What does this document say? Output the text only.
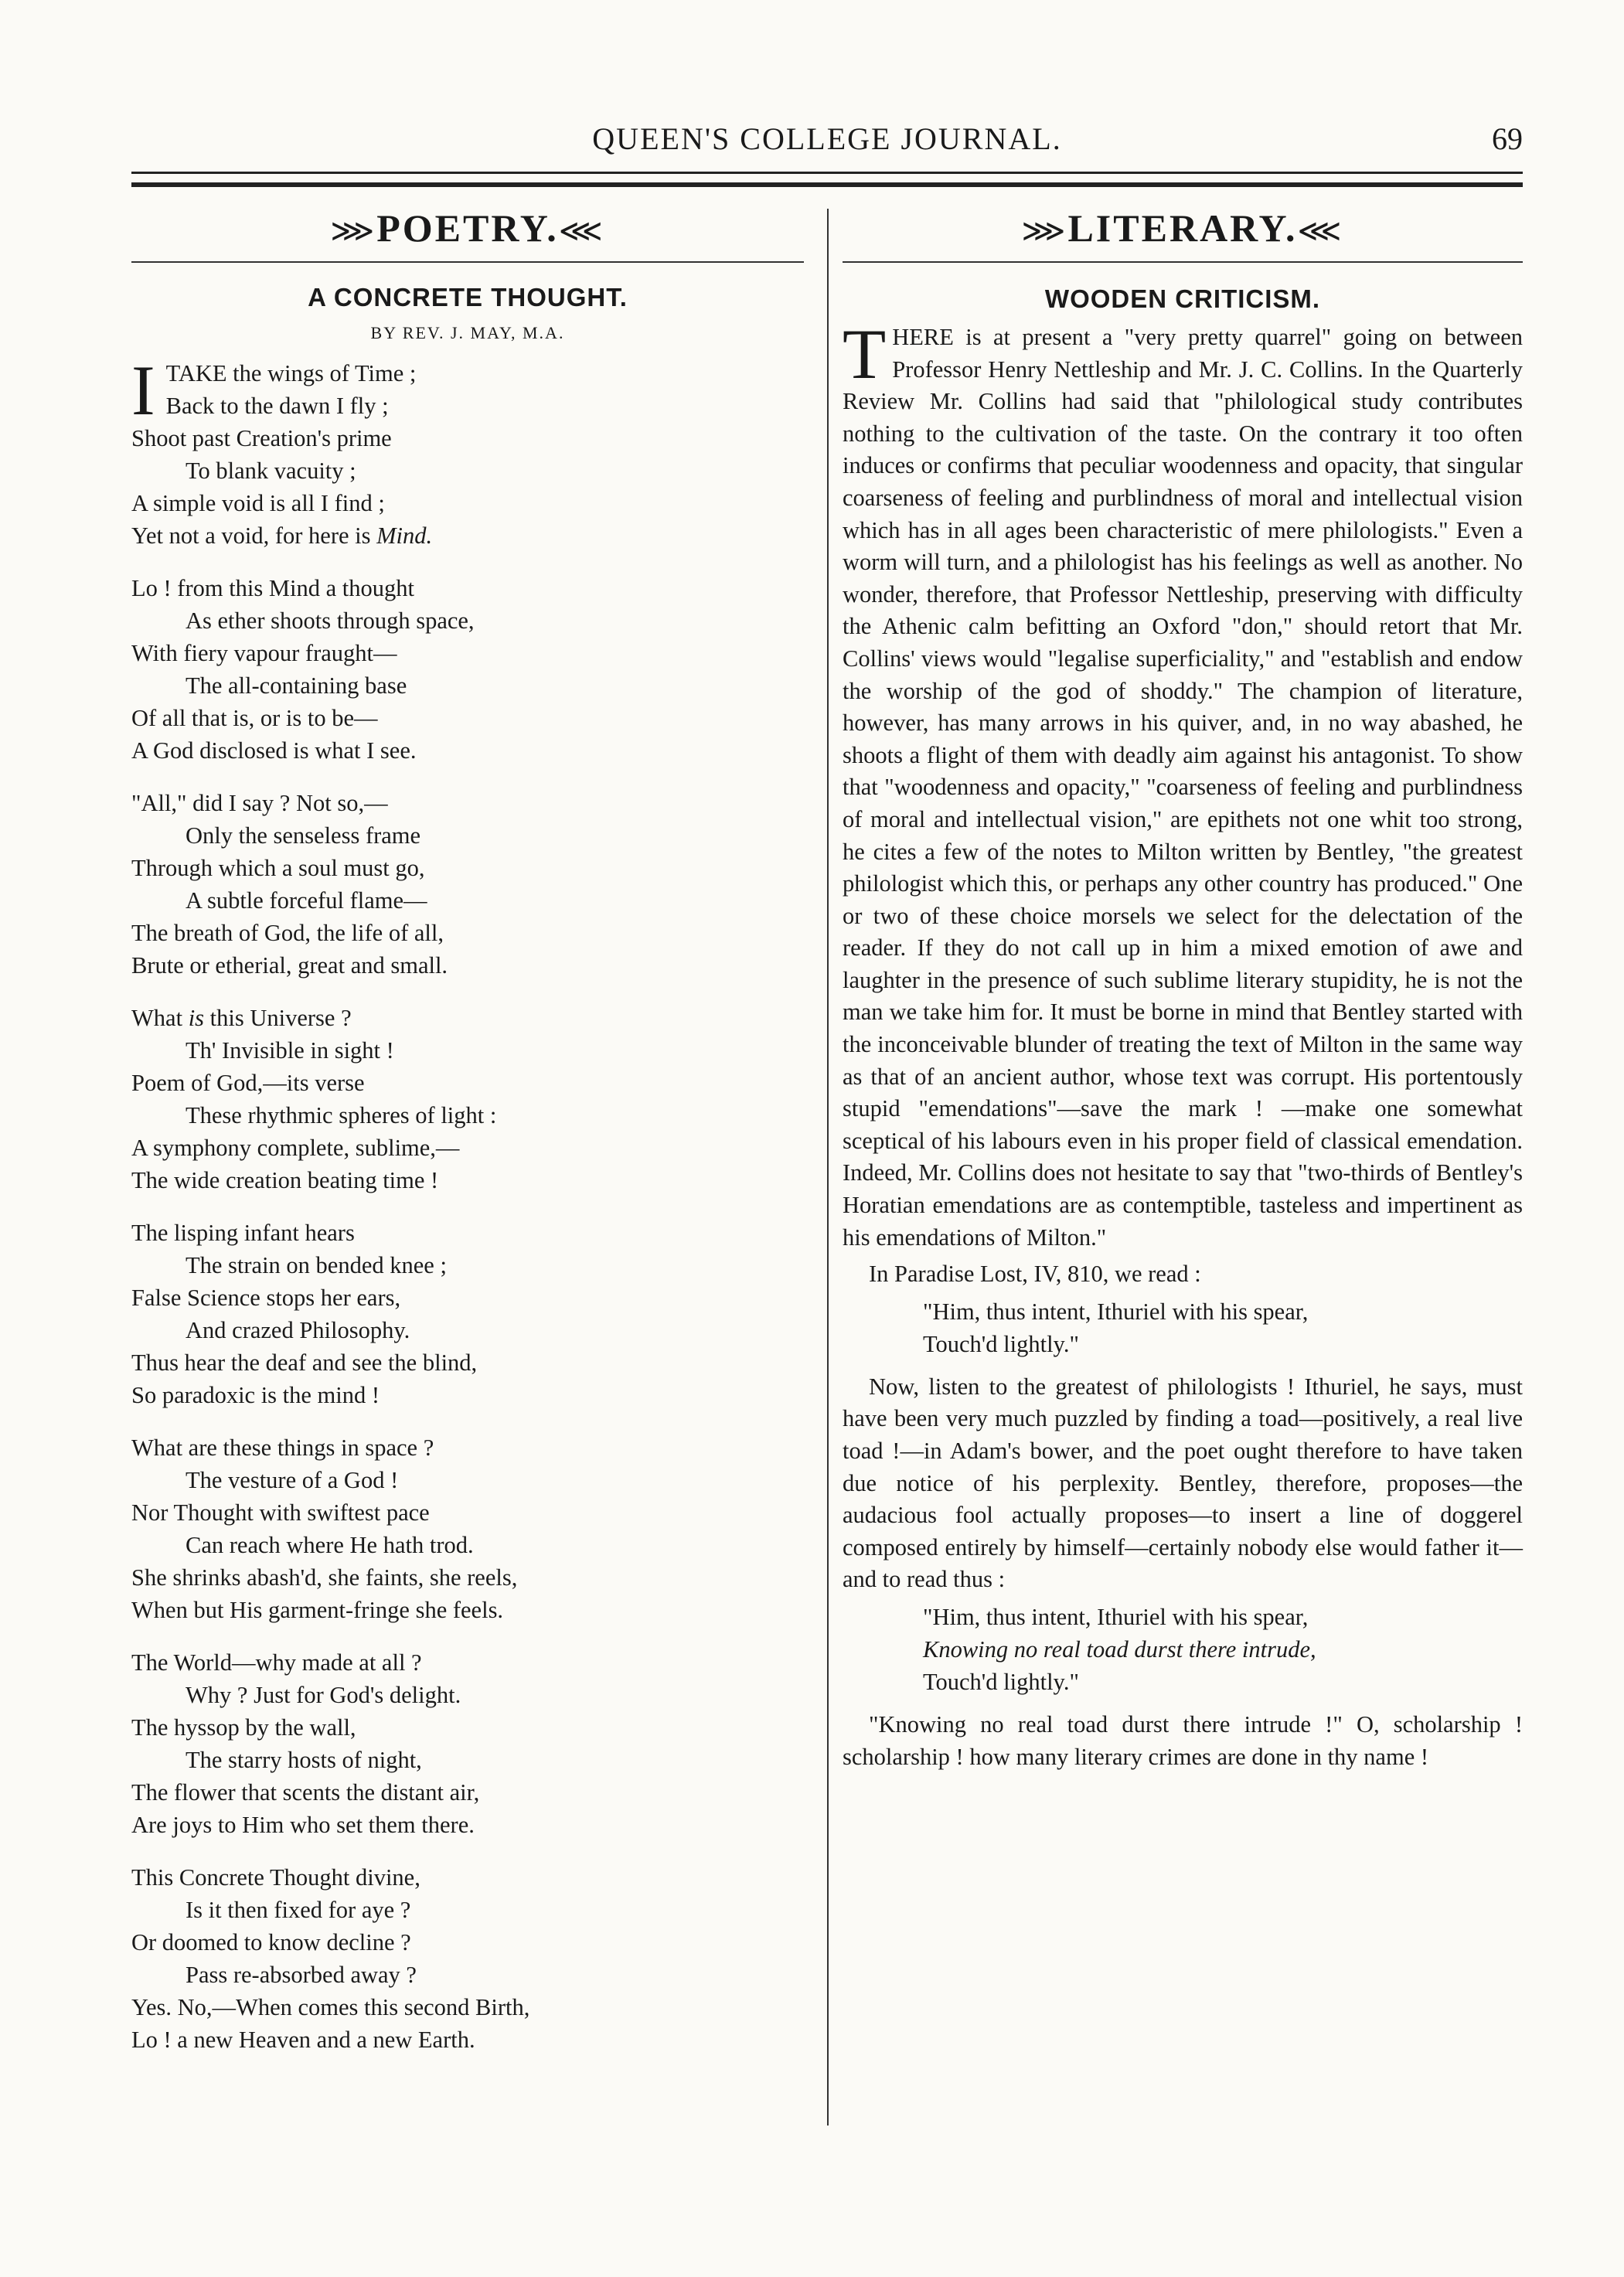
QUEEN'S COLLEGE JOURNAL.	69
⋙POETRY.⋘
A CONCRETE THOUGHT.
BY REV. J. MAY, M.A.
I TAKE the wings of Time ;
Back to the dawn I fly ;
Shoot past Creation's prime
To blank vacuity ;
A simple void is all I find ;
Yet not a void, for here is Mind.
Lo ! from this Mind a thought
As ether shoots through space,
With fiery vapour fraught—
The all-containing base
Of all that is, or is to be—
A God disclosed is what I see.
"All," did I say ? Not so,—
Only the senseless frame
Through which a soul must go,
A subtle forceful flame—
The breath of God, the life of all,
Brute or etherial, great and small.
What is this Universe ?
Th' Invisible in sight !
Poem of God,—its verse
These rhythmic spheres of light :
A symphony complete, sublime,—
The wide creation beating time !
The lisping infant hears
The strain on bended knee ;
False Science stops her ears,
And crazed Philosophy.
Thus hear the deaf and see the blind,
So paradoxic is the mind !
What are these things in space ?
The vesture of a God !
Nor Thought with swiftest pace
Can reach where He hath trod.
She shrinks abash'd, she faints, she reels,
When but His garment-fringe she feels.
The World—why made at all ?
Why ? Just for God's delight.
The hyssop by the wall,
The starry hosts of night,
The flower that scents the distant air,
Are joys to Him who set them there.
This Concrete Thought divine,
Is it then fixed for aye ?
Or doomed to know decline ?
Pass re-absorbed away ?
Yes. No,—When comes this second Birth,
Lo ! a new Heaven and a new Earth.
⋙LITERARY.⋘
WOODEN CRITICISM.

THERE is at present a "very pretty quarrel" going on between Professor Henry Nettleship and Mr. J. C. Collins. In the Quarterly Review Mr. Collins had said that "philological study contributes nothing to the cultivation of the taste. On the contrary it too often induces or confirms that peculiar woodenness and opacity, that singular coarseness of feeling and purblindness of moral and intellectual vision which has in all ages been characteristic of mere philologists." Even a worm will turn, and a philologist has his feelings as well as another. No wonder, therefore, that Professor Nettleship, preserving with difficulty the Athenic calm befitting an Oxford "don," should retort that Mr. Collins' views would "legalise superficiality," and "establish and endow the worship of the god of shoddy." The champion of literature, however, has many arrows in his quiver, and, in no way abashed, he shoots a flight of them with deadly aim against his antagonist. To show that "woodenness and opacity," "coarseness of feeling and purblindness of moral and intellectual vision," are epithets not one whit too strong, he cites a few of the notes to Milton written by Bentley, "the greatest philologist which this, or perhaps any other country has produced." One or two of these choice morsels we select for the delectation of the reader. If they do not call up in him a mixed emotion of awe and laughter in the presence of such sublime literary stupidity, he is not the man we take him for. It must be borne in mind that Bentley started with the inconceivable blunder of treating the text of Milton in the same way as that of an ancient author, whose text was corrupt. His portentously stupid "emendations"—save the mark ! —make one somewhat sceptical of his labours even in his proper field of classical emendation. Indeed, Mr. Collins does not hesitate to say that "two-thirds of Bentley's Horatian emendations are as contemptible, tasteless and impertinent as his emendations of Milton."

In Paradise Lost, IV, 810, we read :

"Him, thus intent, Ithuriel with his spear,
Touch'd lightly."

Now, listen to the greatest of philologists ! Ithuriel, he says, must have been very much puzzled by finding a toad—positively, a real live toad !—in Adam's bower, and the poet ought therefore to have taken due notice of his perplexity. Bentley, therefore, proposes—the audacious fool actually proposes—to insert a line of doggerel composed entirely by himself—certainly nobody else would father it—and to read thus :

"Him, thus intent, Ithuriel with his spear,
Knowing no real toad durst there intrude,
Touch'd lightly."

"Knowing no real toad durst there intrude !" O, scholarship ! scholarship ! how many literary crimes are done in thy name !
